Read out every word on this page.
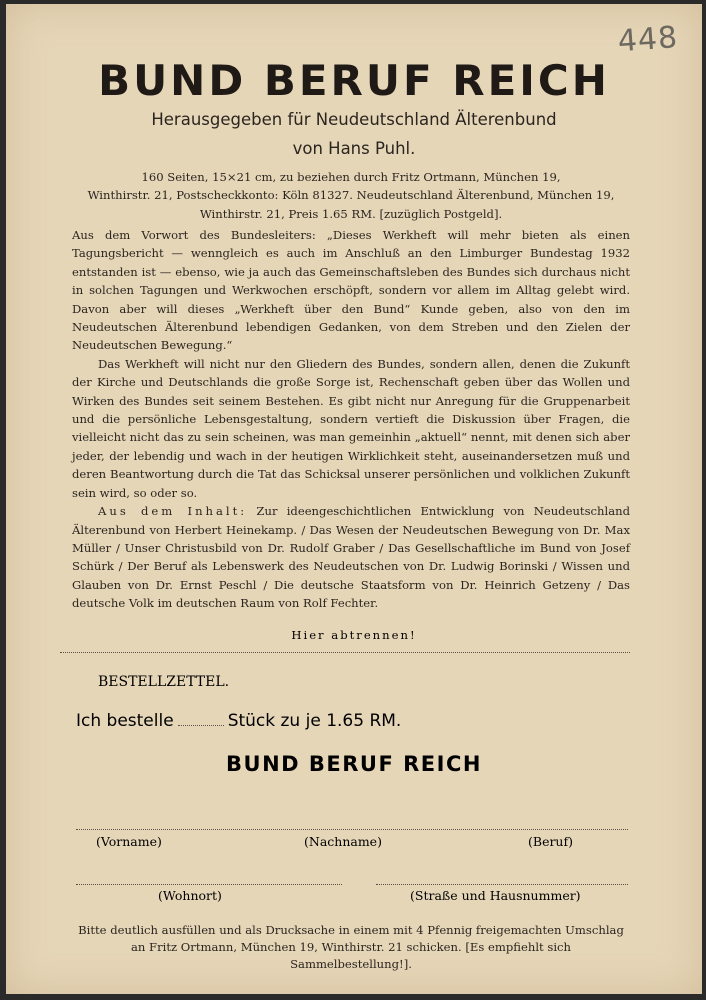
448
BUND BERUF REICH
Herausgegeben für Neudeutschland Älterenbund
von Hans Puhl.
160 Seiten, 15×21 cm, zu beziehen durch Fritz Ortmann, München 19,
Winthirstr. 21, Postscheckkonto: Köln 81327. Neudeutschland Älterenbund, München 19,
Winthirstr. 21, Preis 1.65 RM. [zuzüglich Postgeld].

Aus dem Vorwort des Bundesleiters: „Dieses Werkheft will mehr bieten als einen Tagungsbericht — wenngleich es auch im Anschluß an den Limburger Bundestag 1932 entstanden ist — ebenso, wie ja auch das Gemeinschaftsleben des Bundes sich durchaus nicht in solchen Tagungen und Werkwochen erschöpft, sondern vor allem im Alltag gelebt wird. Davon aber will dieses „Werkheft über den Bund“ Kunde geben, also von den im Neudeutschen Älterenbund lebendigen Gedanken, von dem Streben und den Zielen der Neudeutschen Bewegung.“

Das Werkheft will nicht nur den Gliedern des Bundes, sondern allen, denen die Zukunft der Kirche und Deutschlands die große Sorge ist, Rechenschaft geben über das Wollen und Wirken des Bundes seit seinem Bestehen. Es gibt nicht nur Anregung für die Gruppenarbeit und die persönliche Lebensgestaltung, sondern vertieft die Diskussion über Fragen, die vielleicht nicht das zu sein scheinen, was man gemeinhin „aktuell“ nennt, mit denen sich aber jeder, der lebendig und wach in der heutigen Wirklichkeit steht, auseinandersetzen muß und deren Beantwortung durch die Tat das Schicksal unserer persönlichen und volklichen Zukunft sein wird, so oder so.

Aus dem Inhalt: Zur ideengeschichtlichen Entwicklung von Neudeutschland Älterenbund von Herbert Heinekamp. / Das Wesen der Neudeutschen Bewegung von Dr. Max Müller / Unser Christusbild von Dr. Rudolf Graber / Das Gesellschaftliche im Bund von Josef Schürk / Der Beruf als Lebenswerk des Neudeutschen von Dr. Ludwig Borinski / Wissen und Glauben von Dr. Ernst Peschl / Die deutsche Staatsform von Dr. Heinrich Getzeny / Das deutsche Volk im deutschen Raum von Rolf Fechter.

Hier abtrennen!
BESTELLZETTEL.
Ich bestelle	Stück zu je 1.65 RM.
BUND BERUF REICH
(Vorname)	(Nachname)	(Beruf)
(Wohnort)	(Straße und Hausnummer)
Bitte deutlich ausfüllen und als Drucksache in einem mit 4 Pfennig freigemachten Umschlag an Fritz Ortmann, München 19, Winthirstr. 21 schicken. [Es empfiehlt sich Sammelbestellung!].
